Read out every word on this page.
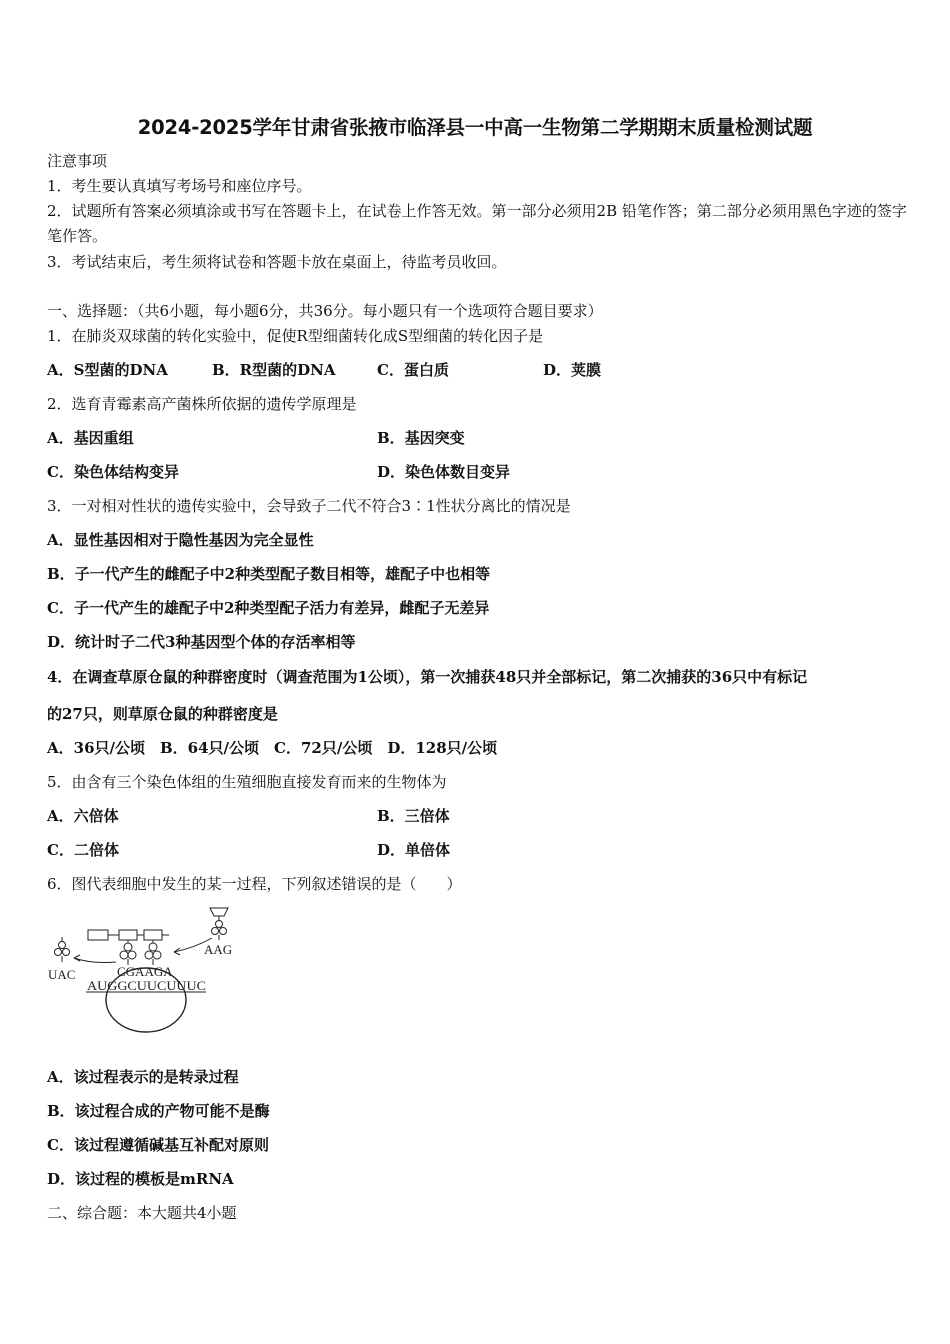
2024-2025学年甘肃省张掖市临泽县一中高一生物第二学期期末质量检测试题
注意事项
1．考生要认真填写考场号和座位序号。
2．试题所有答案必须填涂或书写在答题卡上，在试卷上作答无效。第一部分必须用2B 铅笔作答；第二部分必须用黑色字迹的签字笔作答。
3．考试结束后，考生须将试卷和答题卡放在桌面上，待监考员收回。
一、选择题：（共6小题，每小题6分，共36分。每小题只有一个选项符合题目要求）
1．在肺炎双球菌的转化实验中，促使R型细菌转化成S型细菌的转化因子是
A．S型菌的DNA	B．R型菌的DNA	C．蛋白质	D．荚膜
2．选育青霉素高产菌株所依据的遗传学原理是
A．基因重组	B．基因突变
C．染色体结构变异	D．染色体数目变异
3．一对相对性状的遗传实验中，会导致子二代不符合3∶1性状分离比的情况是
A．显性基因相对于隐性基因为完全显性
B．子一代产生的雌配子中2种类型配子数目相等，雄配子中也相等
C．子一代产生的雄配子中2种类型配子活力有差异，雌配子无差异
D．统计时子二代3种基因型个体的存活率相等
4．在调查草原仓鼠的种群密度时（调查范围为1公顷），第一次捕获48只并全部标记，第二次捕获的36只中有标记
的27只，则草原仓鼠的种群密度是
A．36只/公顷　B．64只/公顷　C．72只/公顷　D．128只/公顷
5．由含有三个染色体组的生殖细胞直接发育而来的生物体为
A．六倍体	B．三倍体
C．二倍体	D．单倍体
6．图代表细胞中发生的某一过程，下列叙述错误的是（　　）
UAC
AAG
CGAAGA
AUGGCUUCUUUC
A．该过程表示的是转录过程
B．该过程合成的产物可能不是酶
C．该过程遵循碱基互补配对原则
D．该过程的模板是mRNA
二、综合题：本大题共4小题
